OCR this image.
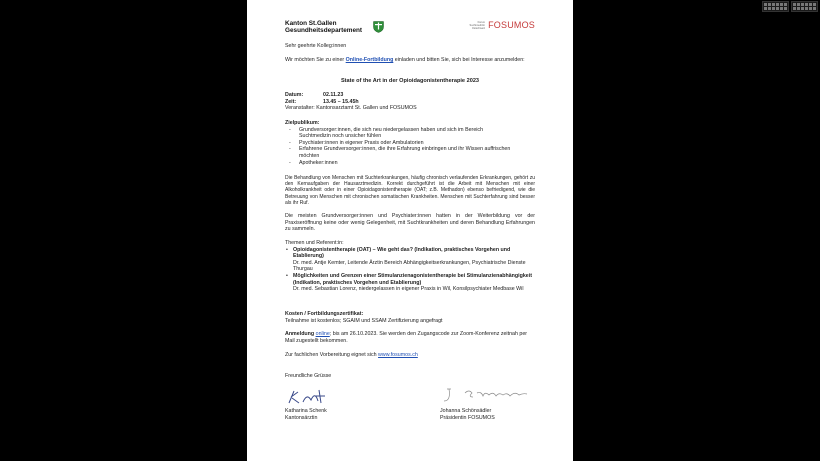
Kanton St.Gallen
Gesundheitsdepartement
Forum
Suchtmedizin
Ostschweiz FOSUMOS

Sehr geehrte Kolleg:innen

Wir möchten Sie zu einer Online-Fortbildung einladen und bitten Sie, sich bei Interesse anzumelden:

State of the Art in der Opioidagonistentherapie 2023

Datum:	02.11.23
Zeit:	13.45 – 15.45h
Veranstalter: Kantonsarztamt St. Gallen und FOSUMOS
Zielpublikum:
- Grundversorger:innen, die sich neu niedergelassen haben und sich im Bereich Suchtmedizin noch unsicher fühlen
- Psychiater:innen in eigener Praxis oder Ambulatorien
- Erfahrene Grundversorger:innen, die ihre Erfahrung einbringen und ihr Wissen auffrischen möchten
- Apotheker:innen

Die Behandlung von Menschen mit Suchterkrankungen, häufig chronisch verlaufenden Erkrankungen, gehört zu den Kernaufgaben der Hausarztmedizin. Korrekt durchgeführt ist die Arbeit mit Menschen mit einer Alkoholkrankheit oder in einer Opioidagonistentherapie (OAT; z.B. Methadon) ebenso befriedigend, wie die Betreuung von Menschen mit chronischen somatischen Krankheiten. Menschen mit Suchterfahrung sind besser als ihr Ruf.

Die meisten Grundversorger:innen und Psychiater:innen hatten in der Weiterbildung vor der Praxiseröffnung keine oder wenig Gelegenheit, mit Suchtkrankheiten und deren Behandlung Erfahrungen zu sammeln.

Themen und Referent:in:
• Opioidagonistentherapie (OAT) – Wie geht das? (Indikation, praktisches Vorgehen und Etablierung)
Dr. med. Antje Kemter, Leitende Ärztin Bereich Abhängigkeitserkrankungen, Psychiatrische Dienste Thurgau
• Möglichkeiten und Grenzen einer Stimulanzienagonistentherapie bei Stimulanzienabhängigkeit (Indikation, praktisches Vorgehen und Etablierung)
Dr. med. Sebastian Lorenz, niedergelassen in eigener Praxis in Wil, Konsilpsychiater Medbase Wil
Kosten / Fortbildungszertifikat:
Teilnahme ist kostenlos; SGAIM und SSAM Zertifizierung angefragt

Anmeldung online; bis am 26.10.2023. Sie werden den Zugangscode zur Zoom-Konferenz zeitnah per Mail zugestellt bekommen.

Zur fachlichen Vorbereitung eignet sich www.fosumos.ch

Freundliche Grüsse

Katharina Schenk
Kantonsärztin
Johanna Schönsädler
Präsidentin FOSUMOS
